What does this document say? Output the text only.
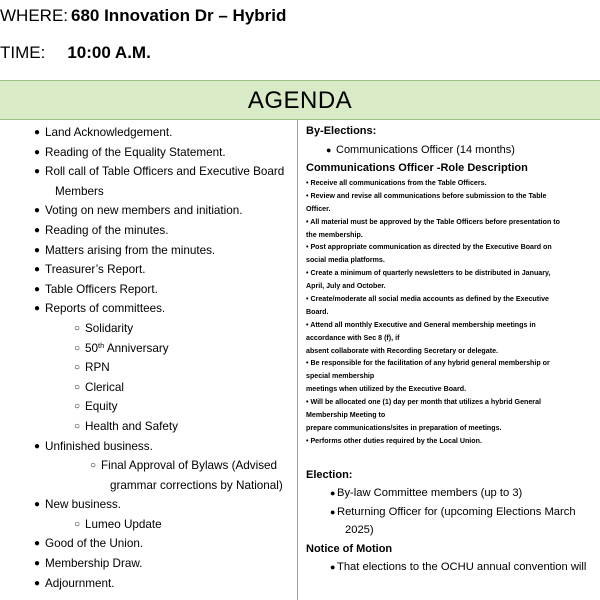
WHERE: 680 Innovation Dr – Hybrid
TIME: 10:00 A.M.
AGENDA
● Land Acknowledgement.
● Reading of the Equality Statement.
● Roll call of Table Officers and Executive Board
Members
● Voting on new members and initiation.
● Reading of the minutes.
● Matters arising from the minutes.
● Treasurer’s Report.
● Table Officers Report.
● Reports of committees.
○ Solidarity
○ 50th Anniversary
○ RPN
○ Clerical
○ Equity
○ Health and Safety
● Unfinished business.
○ Final Approval of Bylaws (Advised
grammar corrections by National)
● New business.
○ Lumeo Update
● Good of the Union.
● Membership Draw.
● Adjournment.
By-Elections:
● Communications Officer (14 months)
Communications Officer -Role Description
• Receive all communications from the Table Officers.
• Review and revise all communications before submission to the Table
Officer.
• All material must be approved by the Table Officers before presentation to
the membership.
• Post appropriate communication as directed by the Executive Board on
social media platforms.
• Create a minimum of quarterly newsletters to be distributed in January,
April, July and October.
• Create/moderate all social media accounts as defined by the Executive
Board.
• Attend all monthly Executive and General membership meetings in
accordance with Sec 8 (f), if
absent collaborate with Recording Secretary or delegate.
• Be responsible for the facilitation of any hybrid general membership or
special membership
meetings when utilized by the Executive Board.
• Will be allocated one (1) day per month that utilizes a hybrid General
Membership Meeting to
prepare communications/sites in preparation of meetings.
• Performs other duties required by the Local Union.
Election:
● By-law Committee members (up to 3)
● Returning Officer for (upcoming Elections March
2025)
Notice of Motion
● That elections to the OCHU annual convention will
